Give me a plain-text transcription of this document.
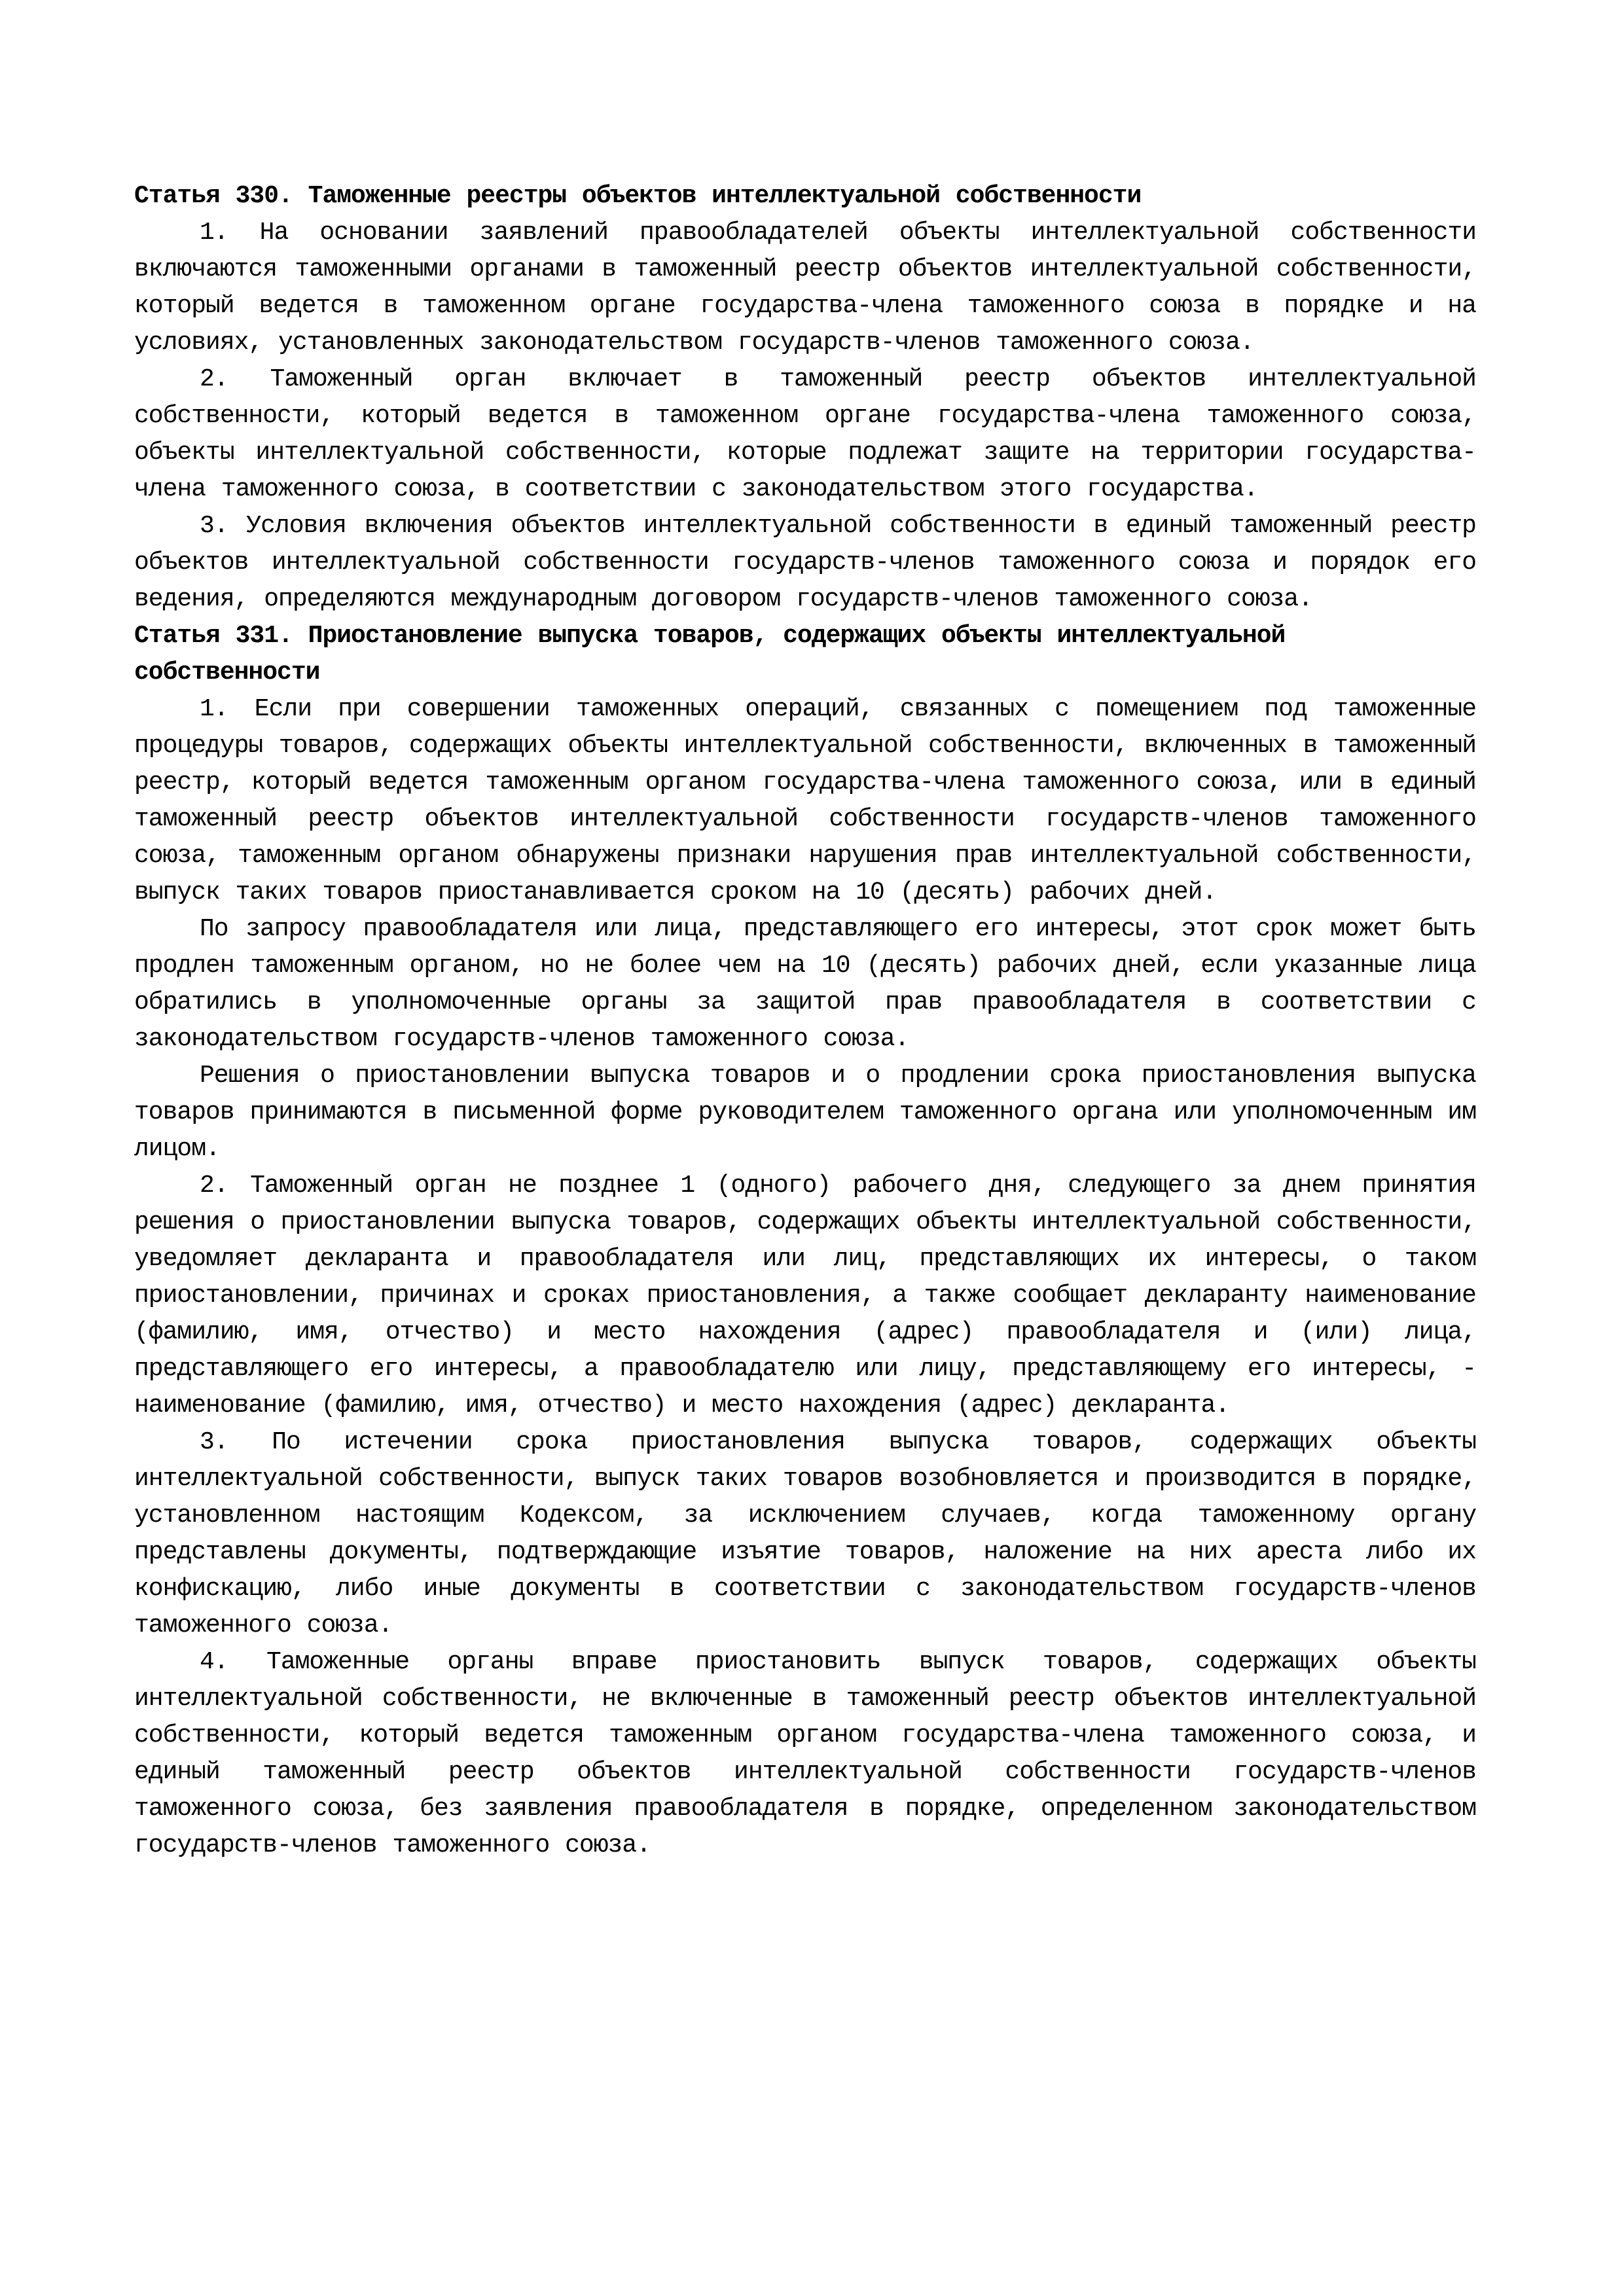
Статья 330. Таможенные реестры объектов интеллектуальной собственности

1. На основании заявлений правообладателей объекты интеллектуальной собственности включаются таможенными органами в таможенный реестр объектов интеллектуальной собственности, который ведется в таможенном органе государства-члена таможенного союза в порядке и на условиях, установленных законодательством государств-членов таможенного союза.

2. Таможенный орган включает в таможенный реестр объектов интеллектуальной собственности, который ведется в таможенном органе государства-члена таможенного союза, объекты интеллектуальной собственности, которые подлежат защите на территории государства-члена таможенного союза, в соответствии с законодательством этого государства.

3. Условия включения объектов интеллектуальной собственности в единый таможенный реестр объектов интеллектуальной собственности государств-членов таможенного союза и порядок его ведения, определяются международным договором государств-членов таможенного союза.

Статья 331. Приостановление выпуска товаров, содержащих объекты интеллектуальной собственности

1. Если при совершении таможенных операций, связанных с помещением под таможенные процедуры товаров, содержащих объекты интеллектуальной собственности, включенных в таможенный реестр, который ведется таможенным органом государства-члена таможенного союза, или в единый таможенный реестр объектов интеллектуальной собственности государств-членов таможенного союза, таможенным органом обнаружены признаки нарушения прав интеллектуальной собственности, выпуск таких товаров приостанавливается сроком на 10 (десять) рабочих дней.

По запросу правообладателя или лица, представляющего его интересы, этот срок может быть продлен таможенным органом, но не более чем на 10 (десять) рабочих дней, если указанные лица обратились в уполномоченные органы за защитой прав правообладателя в соответствии с законодательством государств-членов таможенного союза.

Решения о приостановлении выпуска товаров и о продлении срока приостановления выпуска товаров принимаются в письменной форме руководителем таможенного органа или уполномоченным им лицом.

2. Таможенный орган не позднее 1 (одного) рабочего дня, следующего за днем принятия решения о приостановлении выпуска товаров, содержащих объекты интеллектуальной собственности, уведомляет декларанта и правообладателя или лиц, представляющих их интересы, о таком приостановлении, причинах и сроках приостановления, а также сообщает декларанту наименование (фамилию, имя, отчество) и место нахождения (адрес) правообладателя и (или) лица, представляющего его интересы, а правообладателю или лицу, представляющему его интересы, - наименование (фамилию, имя, отчество) и место нахождения (адрес) декларанта.

3. По истечении срока приостановления выпуска товаров, содержащих объекты интеллектуальной собственности, выпуск таких товаров возобновляется и производится в порядке, установленном настоящим Кодексом, за исключением случаев, когда таможенному органу представлены документы, подтверждающие изъятие товаров, наложение на них ареста либо их конфискацию, либо иные документы в соответствии с законодательством государств-членов таможенного союза.

4. Таможенные органы вправе приостановить выпуск товаров, содержащих объекты интеллектуальной собственности, не включенные в таможенный реестр объектов интеллектуальной собственности, который ведется таможенным органом государства-члена таможенного союза, и единый таможенный реестр объектов интеллектуальной собственности государств-членов таможенного союза, без заявления правообладателя в порядке, определенном законодательством государств-членов таможенного союза.
